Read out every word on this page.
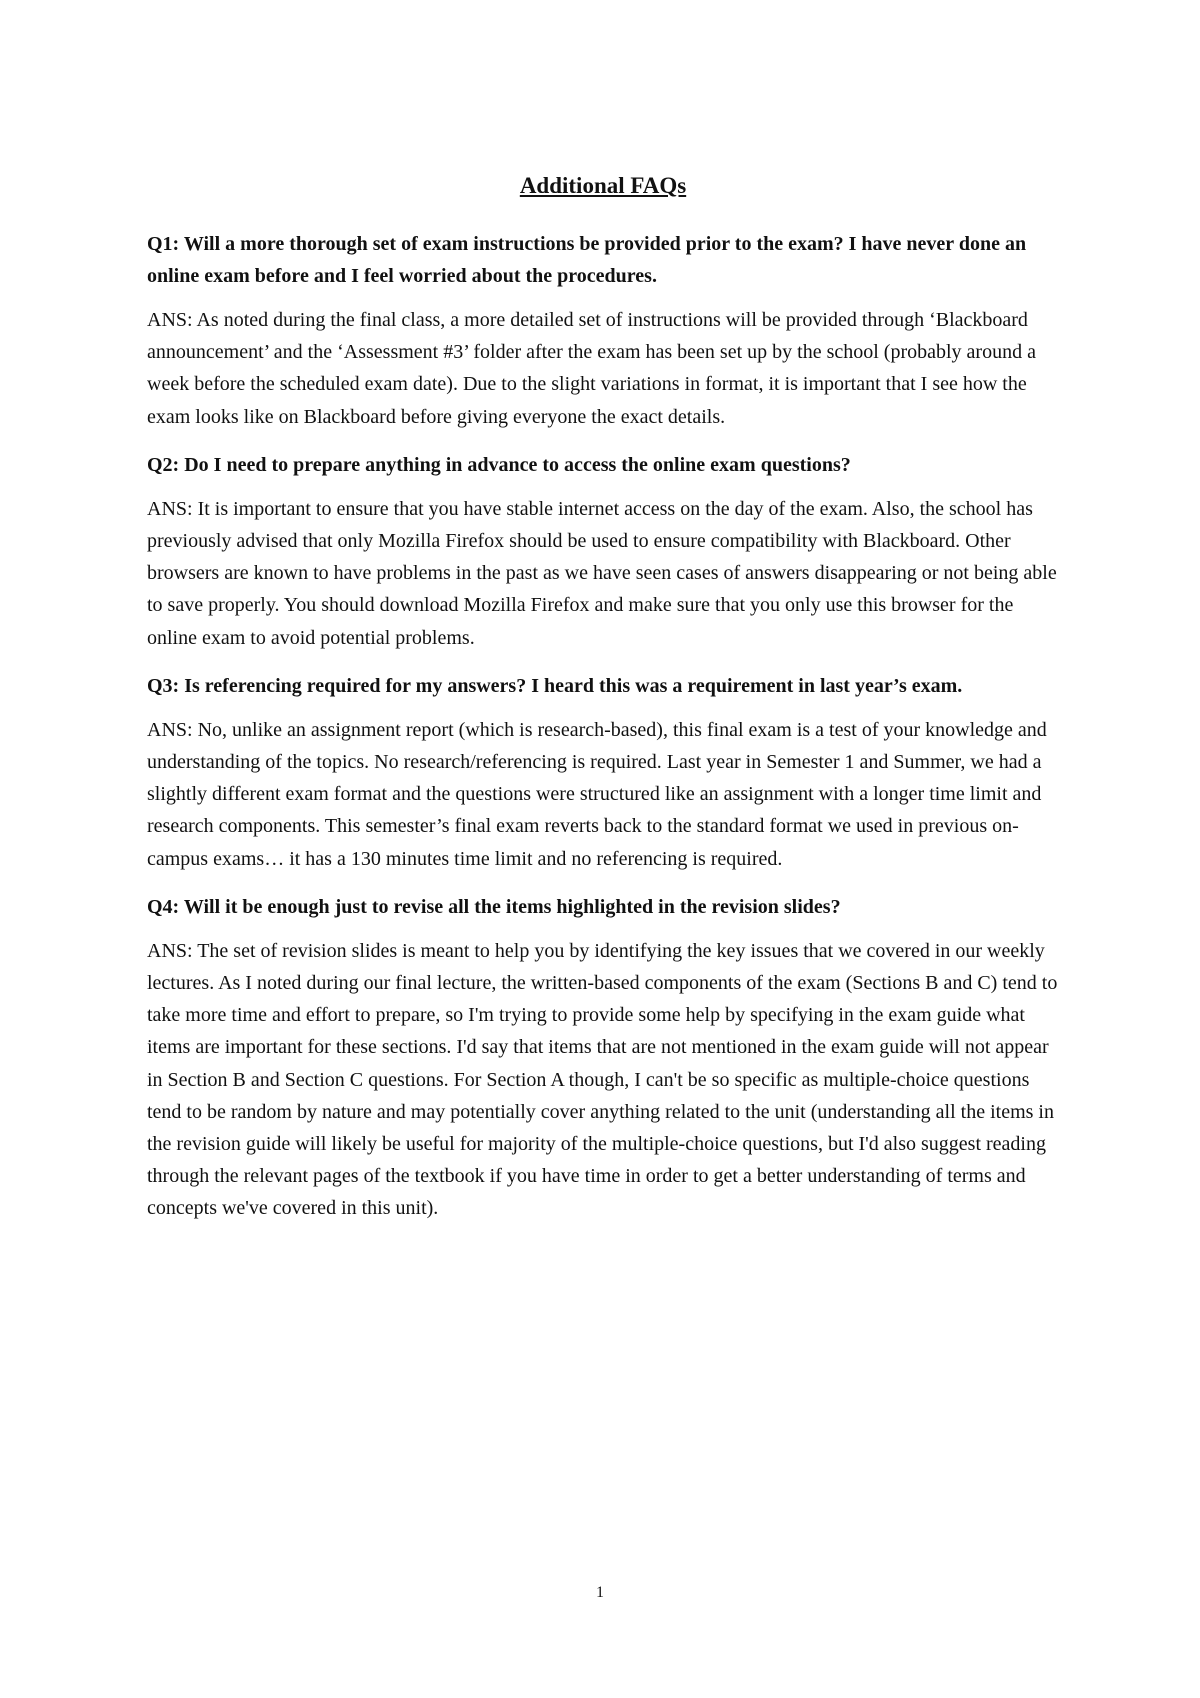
Additional FAQs

Q1: Will a more thorough set of exam instructions be provided prior to the exam? I have never done an online exam before and I feel worried about the procedures.

ANS: As noted during the final class, a more detailed set of instructions will be provided through ‘Blackboard announcement’ and the ‘Assessment #3’ folder after the exam has been set up by the school (probably around a week before the scheduled exam date). Due to the slight variations in format, it is important that I see how the exam looks like on Blackboard before giving everyone the exact details.

Q2: Do I need to prepare anything in advance to access the online exam questions?

ANS: It is important to ensure that you have stable internet access on the day of the exam. Also, the school has previously advised that only Mozilla Firefox should be used to ensure compatibility with Blackboard. Other browsers are known to have problems in the past as we have seen cases of answers disappearing or not being able to save properly. You should download Mozilla Firefox and make sure that you only use this browser for the online exam to avoid potential problems.

Q3: Is referencing required for my answers? I heard this was a requirement in last year’s exam.

ANS: No, unlike an assignment report (which is research-based), this final exam is a test of your knowledge and understanding of the topics. No research/referencing is required. Last year in Semester 1 and Summer, we had a slightly different exam format and the questions were structured like an assignment with a longer time limit and research components. This semester’s final exam reverts back to the standard format we used in previous on-campus exams… it has a 130 minutes time limit and no referencing is required.

Q4: Will it be enough just to revise all the items highlighted in the revision slides?

ANS: The set of revision slides is meant to help you by identifying the key issues that we covered in our weekly lectures. As I noted during our final lecture, the written-based components of the exam (Sections B and C) tend to take more time and effort to prepare, so I'm trying to provide some help by specifying in the exam guide what items are important for these sections. I'd say that items that are not mentioned in the exam guide will not appear in Section B and Section C questions. For Section A though, I can't be so specific as multiple-choice questions tend to be random by nature and may potentially cover anything related to the unit (understanding all the items in the revision guide will likely be useful for majority of the multiple-choice questions, but I'd also suggest reading through the relevant pages of the textbook if you have time in order to get a better understanding of terms and concepts we've covered in this unit).

1
